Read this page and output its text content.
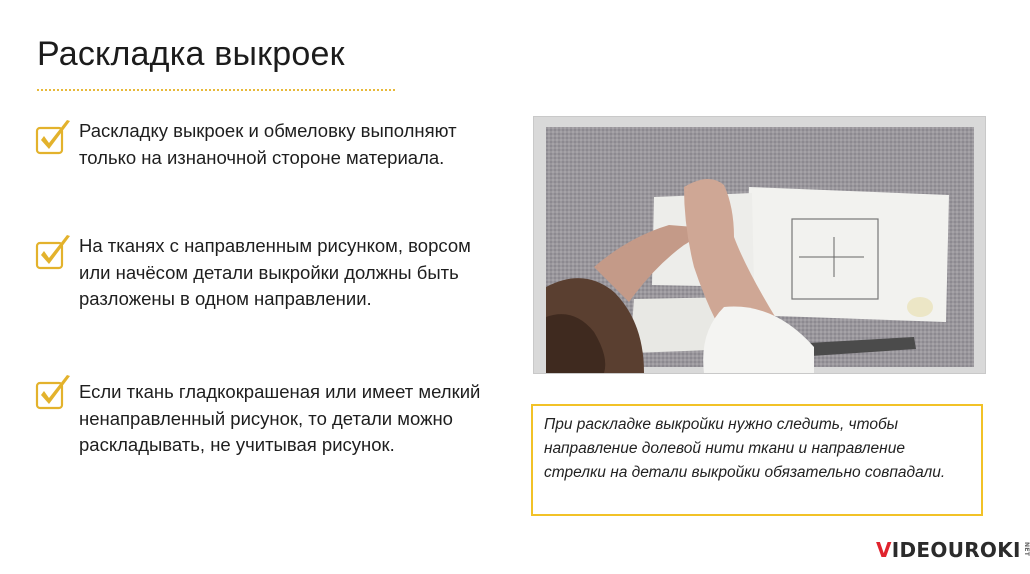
Раскладка выкроек
Раскладку выкроек и обмеловку выполняют только на изнаночной стороне материала.
На тканях с направленным рисунком, ворсом или начёсом детали выкройки должны быть разложены в одном направлении.
Если ткань гладкокрашеная или имеет мелкий ненаправленный рисунок, то детали можно раскладывать, не учитывая рисунок.
При раскладке выкройки нужно следить, чтобы направление долевой нити ткани и направление стрелки на детали выкройки обязательно совпадали.
VIDEOUROKI NET
